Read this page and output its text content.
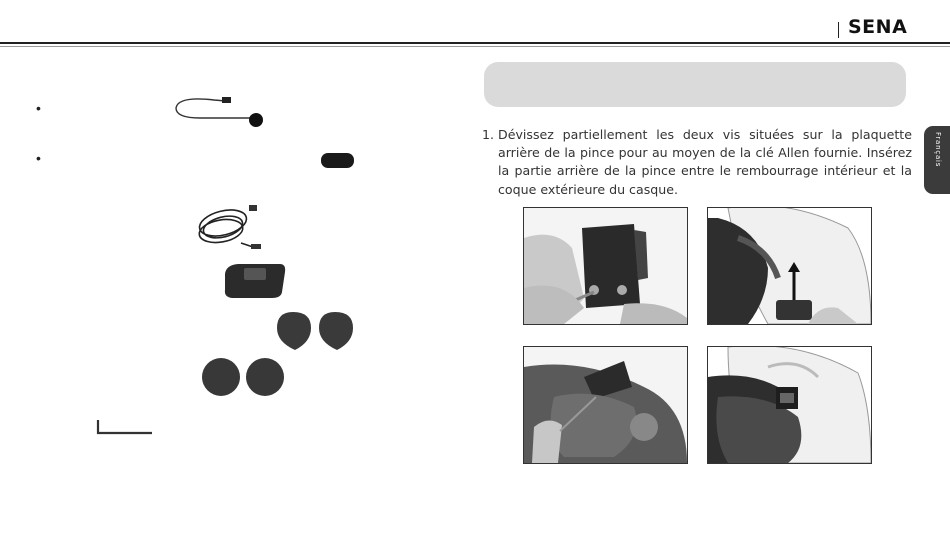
SENA
•
•	Français
1. Dévissez partiellement les deux vis situées sur la plaquette arrière de la pince pour au moyen de la clé Allen fournie. Insérez la partie arrière de la pince entre le rembourrage intérieur et la coque extérieure du casque.
